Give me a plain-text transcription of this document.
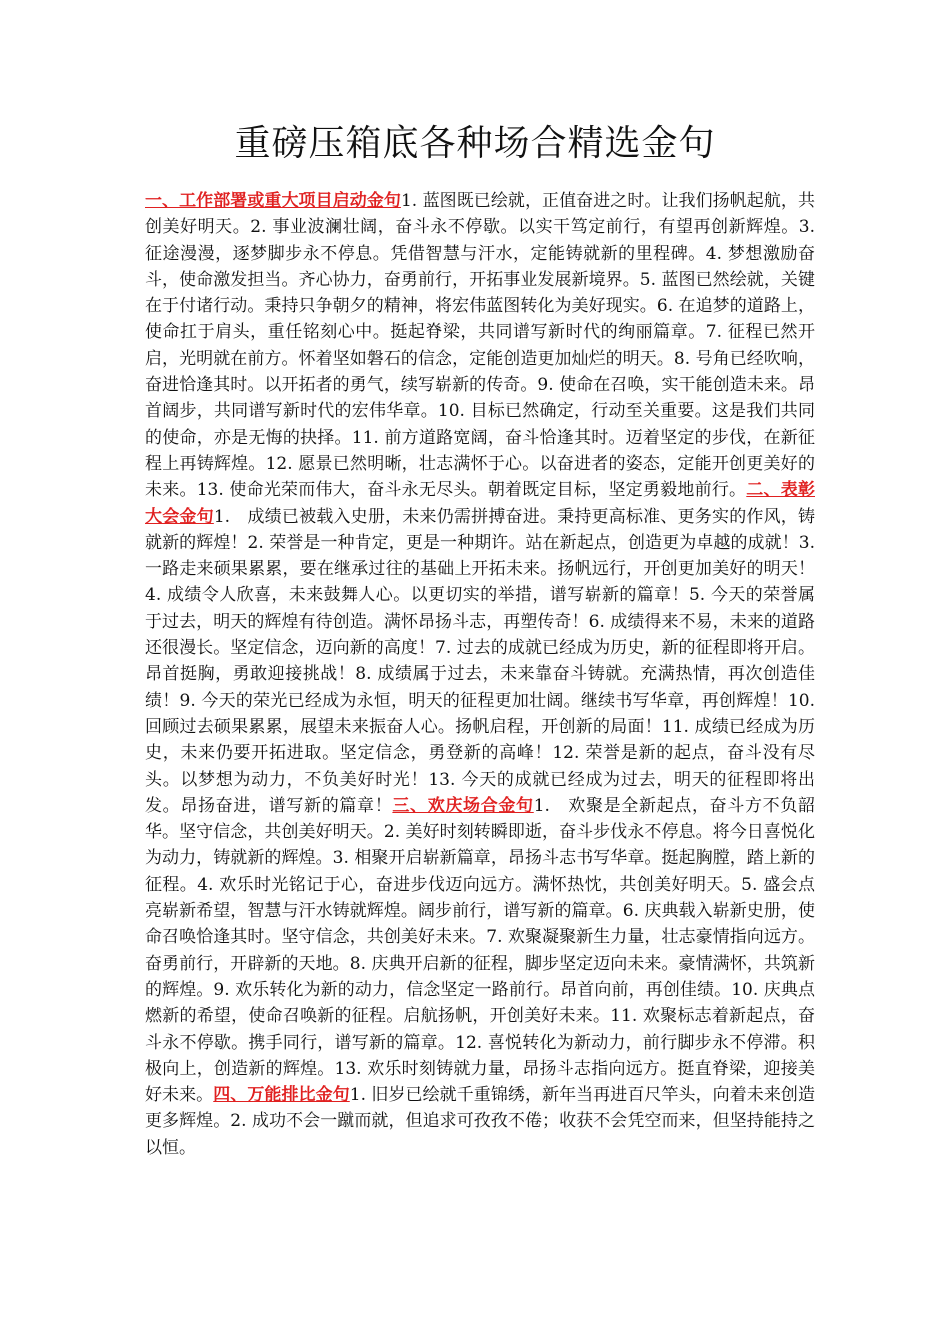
重磅压箱底各种场合精选金句
一、工作部署或重大项目启动金句1. 蓝图既已绘就，正值奋进之时。让我们扬帆起航，共创美好明天。2. 事业波澜壮阔，奋斗永不停歇。以实干笃定前行，有望再创新辉煌。3. 征途漫漫，逐梦脚步永不停息。凭借智慧与汗水，定能铸就新的里程碑。4. 梦想激励奋斗，使命激发担当。齐心协力，奋勇前行，开拓事业发展新境界。5. 蓝图已然绘就，关键在于付诸行动。秉持只争朝夕的精神，将宏伟蓝图转化为美好现实。6. 在追梦的道路上，使命扛于肩头，重任铭刻心中。挺起脊梁，共同谱写新时代的绚丽篇章。7. 征程已然开启，光明就在前方。怀着坚如磐石的信念，定能创造更加灿烂的明天。8. 号角已经吹响，奋进恰逢其时。以开拓者的勇气，续写崭新的传奇。9. 使命在召唤，实干能创造未来。昂首阔步，共同谱写新时代的宏伟华章。10. 目标已然确定，行动至关重要。这是我们共同的使命，亦是无悔的抉择。11. 前方道路宽阔，奋斗恰逢其时。迈着坚定的步伐，在新征程上再铸辉煌。12. 愿景已然明晰，壮志满怀于心。以奋进者的姿态，定能开创更美好的未来。13. 使命光荣而伟大，奋斗永无尽头。朝着既定目标，坚定勇毅地前行。二、表彰大会金句1.　成绩已被载入史册，未来仍需拼搏奋进。秉持更高标准、更务实的作风，铸就新的辉煌！2. 荣誉是一种肯定，更是一种期许。站在新起点，创造更为卓越的成就！3. 一路走来硕果累累，要在继承过往的基础上开拓未来。扬帆远行，开创更加美好的明天！4. 成绩令人欣喜，未来鼓舞人心。以更切实的举措，谱写崭新的篇章！5. 今天的荣誉属于过去，明天的辉煌有待创造。满怀昂扬斗志，再塑传奇！6. 成绩得来不易，未来的道路还很漫长。坚定信念，迈向新的高度！7. 过去的成就已经成为历史，新的征程即将开启。昂首挺胸，勇敢迎接挑战！8. 成绩属于过去，未来靠奋斗铸就。充满热情，再次创造佳绩！9. 今天的荣光已经成为永恒，明天的征程更加壮阔。继续书写华章，再创辉煌！10. 回顾过去硕果累累，展望未来振奋人心。扬帆启程，开创新的局面！11. 成绩已经成为历史，未来仍要开拓进取。坚定信念，勇登新的高峰！12. 荣誉是新的起点，奋斗没有尽头。以梦想为动力，不负美好时光！13. 今天的成就已经成为过去，明天的征程即将出发。昂扬奋进，谱写新的篇章！三、欢庆场合金句1.　欢聚是全新起点，奋斗方不负韶华。坚守信念，共创美好明天。2. 美好时刻转瞬即逝，奋斗步伐永不停息。将今日喜悦化为动力，铸就新的辉煌。3. 相聚开启崭新篇章，昂扬斗志书写华章。挺起胸膛，踏上新的征程。4. 欢乐时光铭记于心，奋进步伐迈向远方。满怀热忱，共创美好明天。5. 盛会点亮崭新希望，智慧与汗水铸就辉煌。阔步前行，谱写新的篇章。6. 庆典载入崭新史册，使命召唤恰逢其时。坚守信念，共创美好未来。7. 欢聚凝聚新生力量，壮志豪情指向远方。奋勇前行，开辟新的天地。8. 庆典开启新的征程，脚步坚定迈向未来。豪情满怀，共筑新的辉煌。9. 欢乐转化为新的动力，信念坚定一路前行。昂首向前，再创佳绩。10. 庆典点燃新的希望，使命召唤新的征程。启航扬帆，开创美好未来。11. 欢聚标志着新起点，奋斗永不停歇。携手同行，谱写新的篇章。12. 喜悦转化为新动力，前行脚步永不停滞。积极向上，创造新的辉煌。13. 欢乐时刻铸就力量，昂扬斗志指向远方。挺直脊梁，迎接美好未来。四、万能排比金句1. 旧岁已绘就千重锦绣，新年当再进百尺竿头，向着未来创造更多辉煌。2. 成功不会一蹴而就，但追求可孜孜不倦；收获不会凭空而来，但坚持能持之以恒。
